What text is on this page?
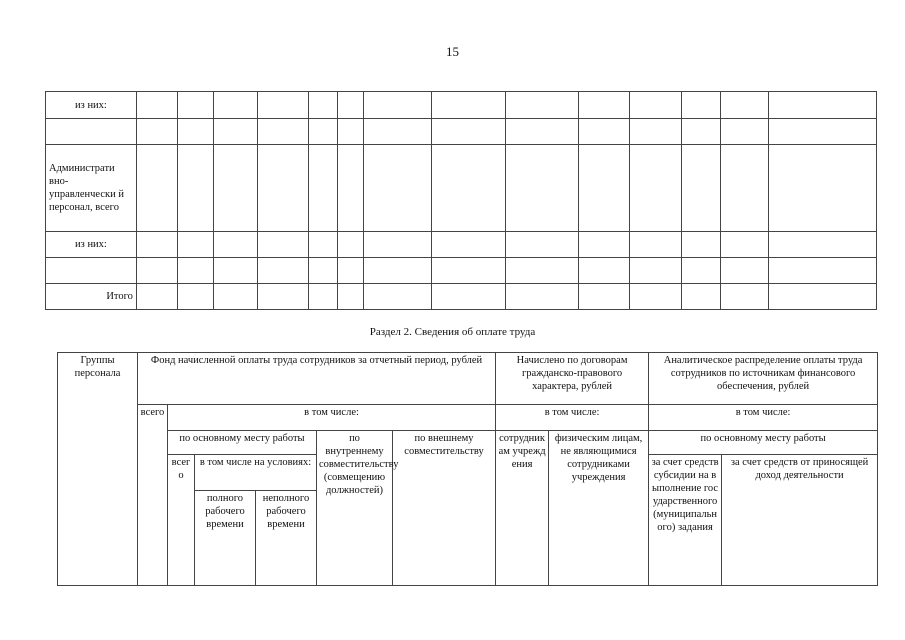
15
из них:														

Администрати вно-управленчески й персонал, всего														
из них:														

Итого														
Раздел 2. Сведения об оплате труда
Группы персонала	Фонд начисленной оплаты труда сотрудников за отчетный период, рублей						Начислено по договорам гражданско-правового характера, рублей		Аналитическое распределение оплаты труда сотрудников по источникам финансового обеспечения, рублей	
	всего	в том числе:					в том числе:		в том числе:	
		по основному месту работы			по внутреннему совместительству (совмещению должностей)	по внешнему совместительству	сотрудникам учреждения	физическим лицам, не являющимися сотрудниками учреждения	по основному месту работы	
		всего	в том числе на условиях:						за счет средств субсидии на выполнение государственного (муниципального) задания	за счет средств от приносящей доход деятельности
			полного рабочего времени	неполного рабочего времени						
